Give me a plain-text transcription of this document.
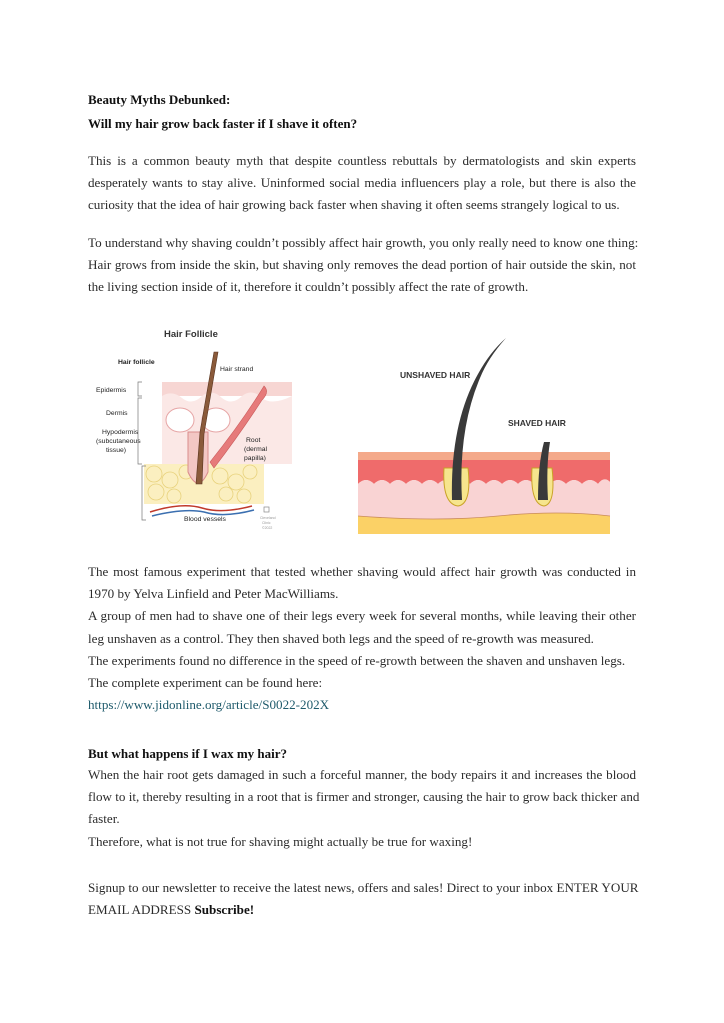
Beauty Myths Debunked:
Will my hair grow back faster if I shave it often?
This is a common beauty myth that despite countless rebuttals by dermatologists and skin experts
desperately wants to stay alive. Uninformed social media influencers play a role, but there is also the
curiosity that the idea of hair growing back faster when shaving it often seems strangely logical to us.
To understand why shaving couldn’t possibly affect hair growth, you only really need to know one thing:
Hair grows from inside the skin, but shaving only removes the dead portion of hair outside the skin, not
the living section inside of it, therefore it couldn’t possibly affect the rate of growth.
The most famous experiment that tested whether shaving would affect hair growth was conducted in
1970 by Yelva Linfield and Peter MacWilliams.
A group of men had to shave one of their legs every week for several months, while leaving their other
leg unshaven as a control. They then shaved both legs and the speed of re-growth was measured.
The experiments found no difference in the speed of re-growth between the shaven and unshaven legs.
The complete experiment can be found here:
https://www.jidonline.org/article/S0022-202X
But what happens if I wax my hair?
When the hair root gets damaged in such a forceful manner, the body repairs it and increases the blood
flow to it, thereby resulting in a root that is firmer and stronger, causing the hair to grow back thicker and
faster.
Therefore, what is not true for shaving might actually be true for waxing!
Signup to our newsletter to receive the latest news, offers and sales! Direct to your inbox ENTER YOUR
EMAIL ADDRESS Subscribe!
Hair Follicle
Hair follicle
Hair strand
Epidermis
Dermis
Hypodermis
(subcutaneous
tissue)
Root
(dermal
papilla)
Blood vessels	Cleveland
Clinic
©2022
UNSHAVED HAIR
SHAVED HAIR
